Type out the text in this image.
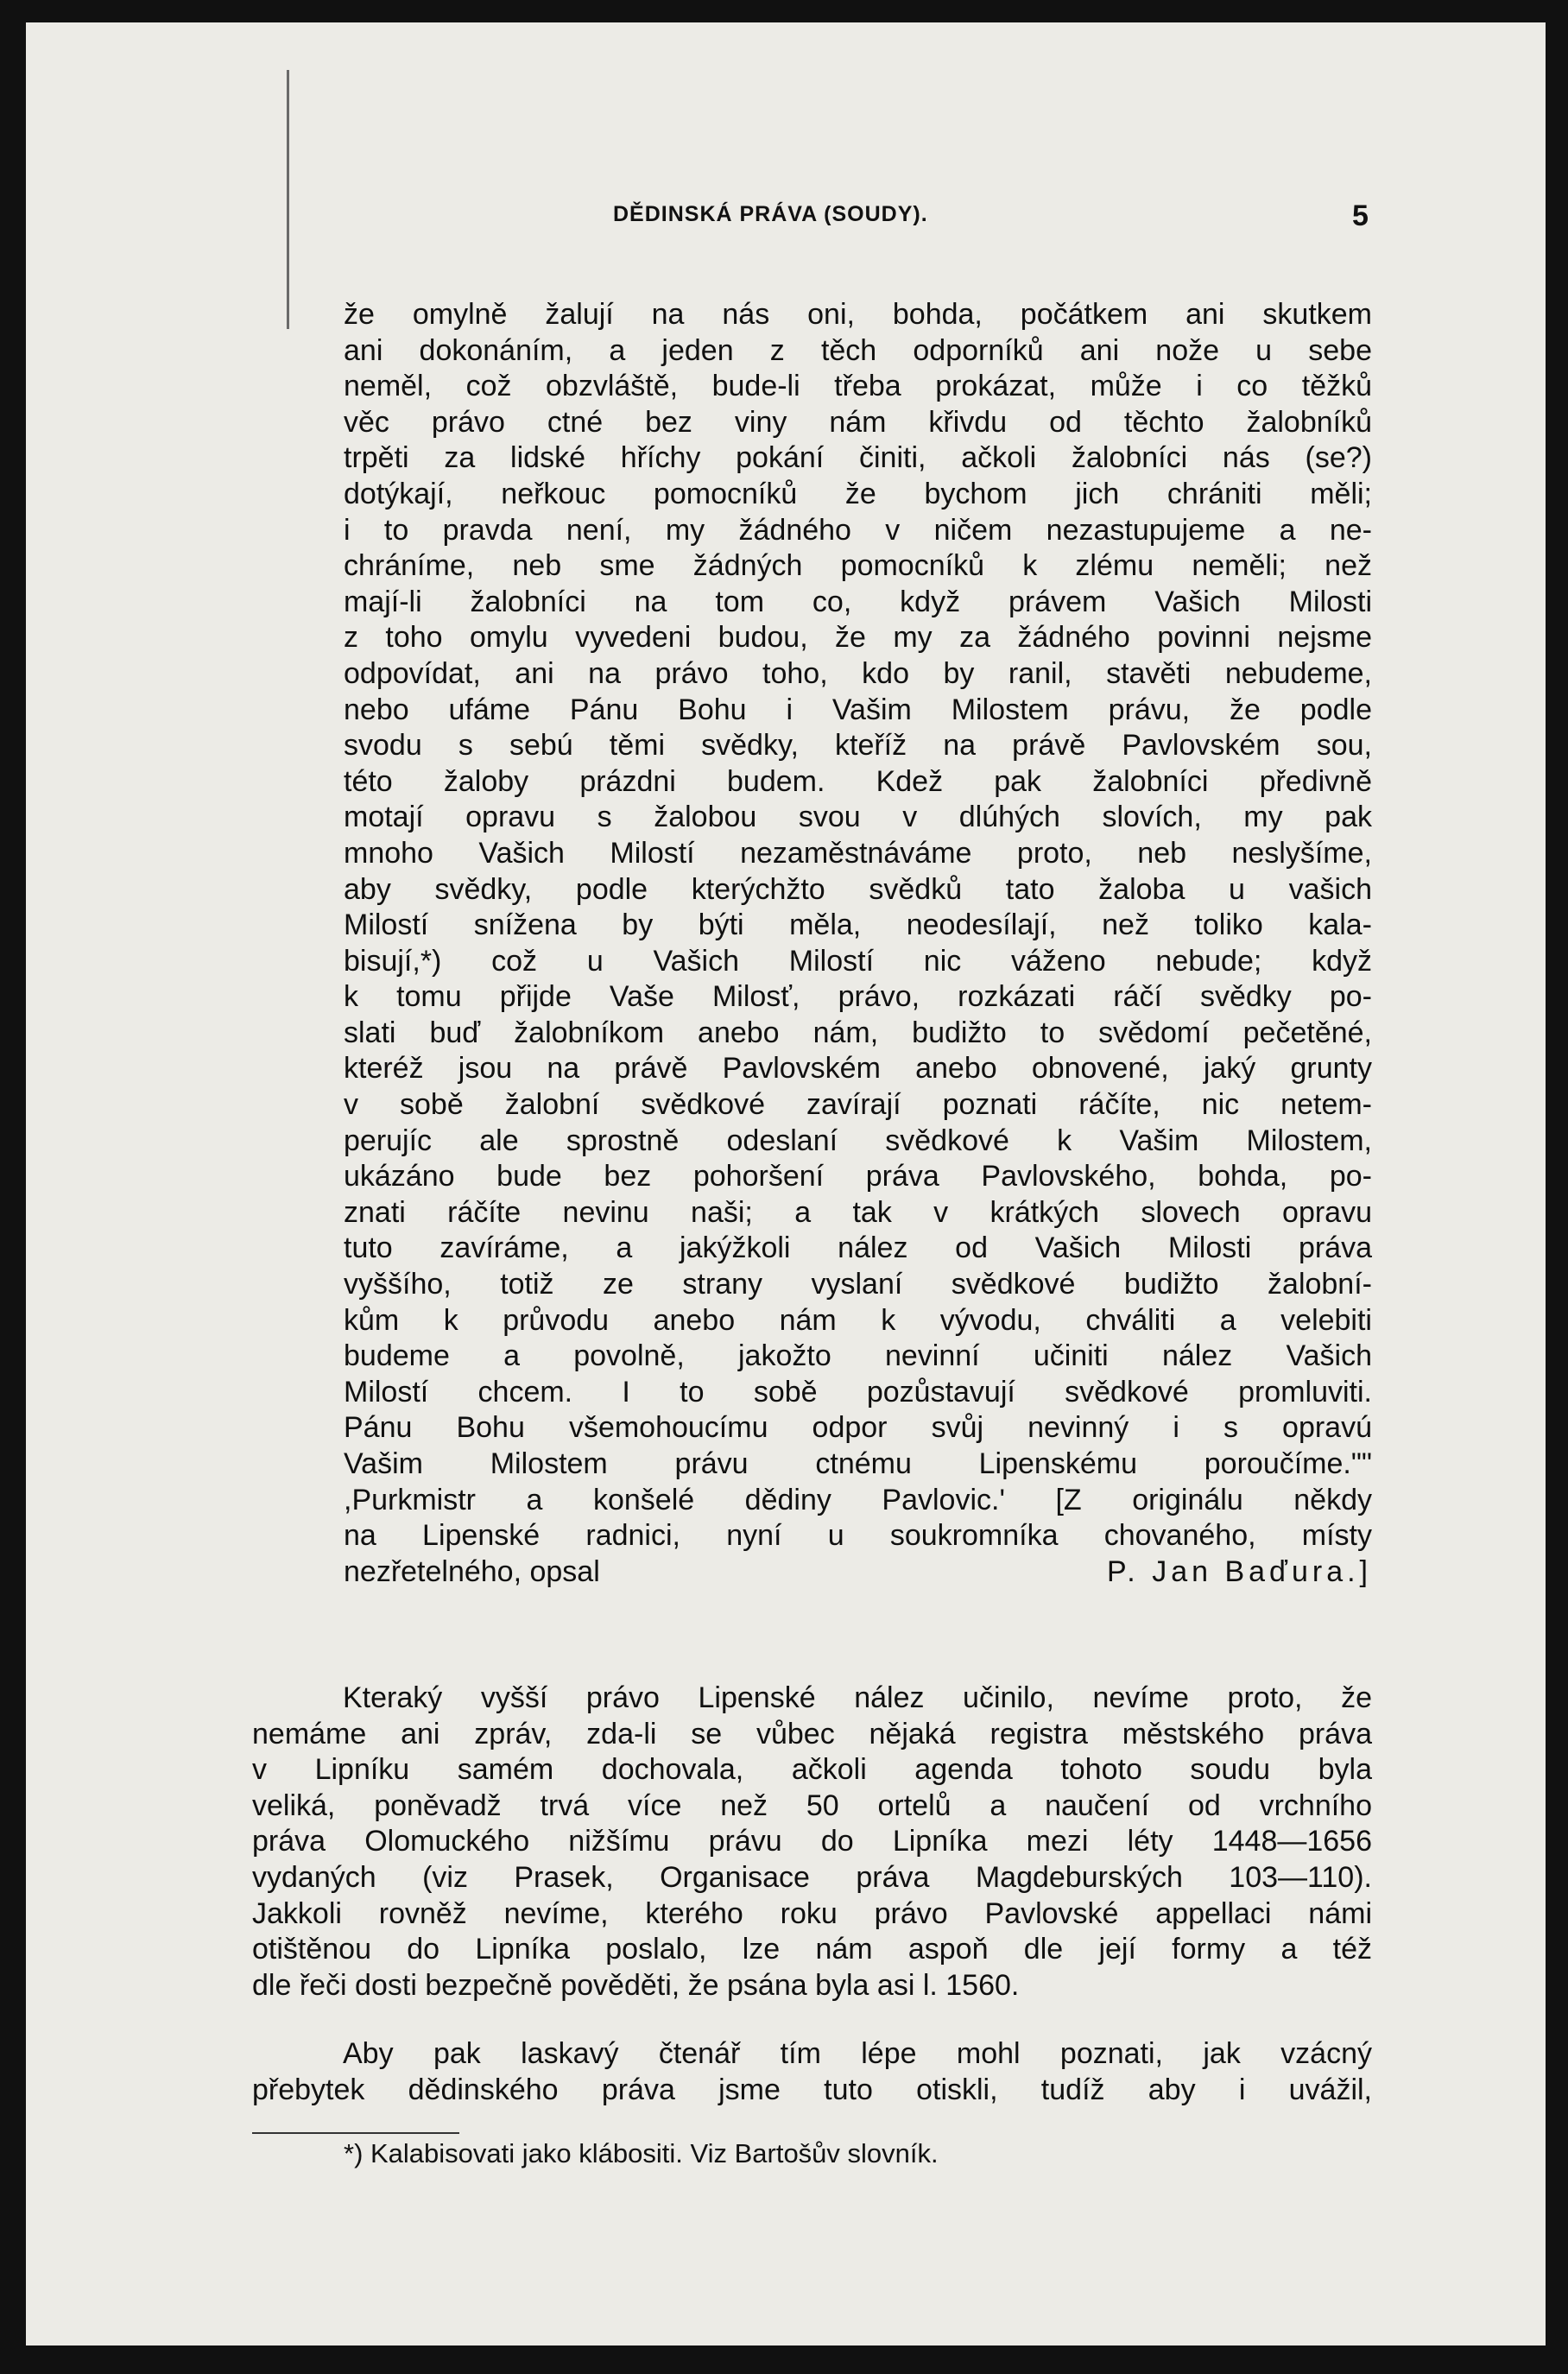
DĚDINSKÁ PRÁVA (SOUDY).	5
že omylně žalují na nás oni, bohda, počátkem ani skutkem
ani dokonáním, a jeden z těch odporníků ani nože u sebe
neměl, což obzvláště, bude-li třeba prokázat, může i co těžků
věc právo ctné bez viny nám křivdu od těchto žalobníků
trpěti za lidské hříchy pokání činiti, ačkoli žalobníci nás (se?)
dotýkají, neřkouc pomocníků že bychom jich chrániti měli;
i to pravda není, my žádného v ničem nezastupujeme a ne-
chráníme, neb sme žádných pomocníků k zlému neměli; než
mají-li žalobníci na tom co, když právem Vašich Milosti
z toho omylu vyvedeni budou, že my za žádného povinni nejsme
odpovídat, ani na právo toho, kdo by ranil, stavěti nebudeme,
nebo ufáme Pánu Bohu i Vašim Milostem právu, že podle
svodu s sebú těmi svědky, kteříž na právě Pavlovském sou,
této žaloby prázdni budem. Kdež pak žalobníci předivně
motají opravu s žalobou svou v dlúhých slovích, my pak
mnoho Vašich Milostí nezaměstnáváme proto, neb neslyšíme,
aby svědky, podle kterýchžto svědků tato žaloba u vašich
Milostí snížena by býti měla, neodesílají, než toliko kala-
bisují,*) což u Vašich Milostí nic váženo nebude; když
k tomu přijde Vaše Milosť, právo, rozkázati ráčí svědky po-
slati buď žalobníkom anebo nám, budižto to svědomí pečetěné,
kteréž jsou na právě Pavlovském anebo obnovené, jaký grunty
v sobě žalobní svědkové zavírají poznati ráčíte, nic netem-
perujíc ale sprostně odeslaní svědkové k Vašim Milostem,
ukázáno bude bez pohoršení práva Pavlovského, bohda, po-
znati ráčíte nevinu naši; a tak v krátkých slovech opravu
tuto zavíráme, a jakýžkoli nález od Vašich Milosti práva
vyššího, totiž ze strany vyslaní svědkové budižto žalobní-
kům k průvodu anebo nám k vývodu, chváliti a velebiti
budeme a povolně, jakožto nevinní učiniti nález Vašich
Milostí chcem. I to sobě pozůstavují svědkové promluviti.
Pánu Bohu všemohoucímu odpor svůj nevinný i s opravú
Vašim Milostem právu ctnému Lipenskému poroučíme.""
,Purkmistr a konšelé dědiny Pavlovic.' [Z originálu někdy
na Lipenské radnici, nyní u soukromníka chovaného, místy
nezřetelného, opsal	P. Jan Baďura.]
Kteraký vyšší právo Lipenské nález učinilo, nevíme proto, že
nemáme ani zpráv, zda-li se vůbec nějaká registra městského práva
v Lipníku samém dochovala, ačkoli agenda tohoto soudu byla
veliká, poněvadž trvá více než 50 ortelů a naučení od vrchního
práva Olomuckého nižšímu právu do Lipníka mezi léty 1448—1656
vydaných (viz Prasek, Organisace práva Magdeburských 103—110).
Jakkoli rovněž nevíme, kterého roku právo Pavlovské appellaci námi
otištěnou do Lipníka poslalo, lze nám aspoň dle její formy a též
dle řeči dosti bezpečně pověděti, že psána byla asi l. 1560.
Aby pak laskavý čtenář tím lépe mohl poznati, jak vzácný
přebytek dědinského práva jsme tuto otiskli, tudíž aby i uvážil,
*) Kalabisovati jako klábositi. Viz Bartošův slovník.
